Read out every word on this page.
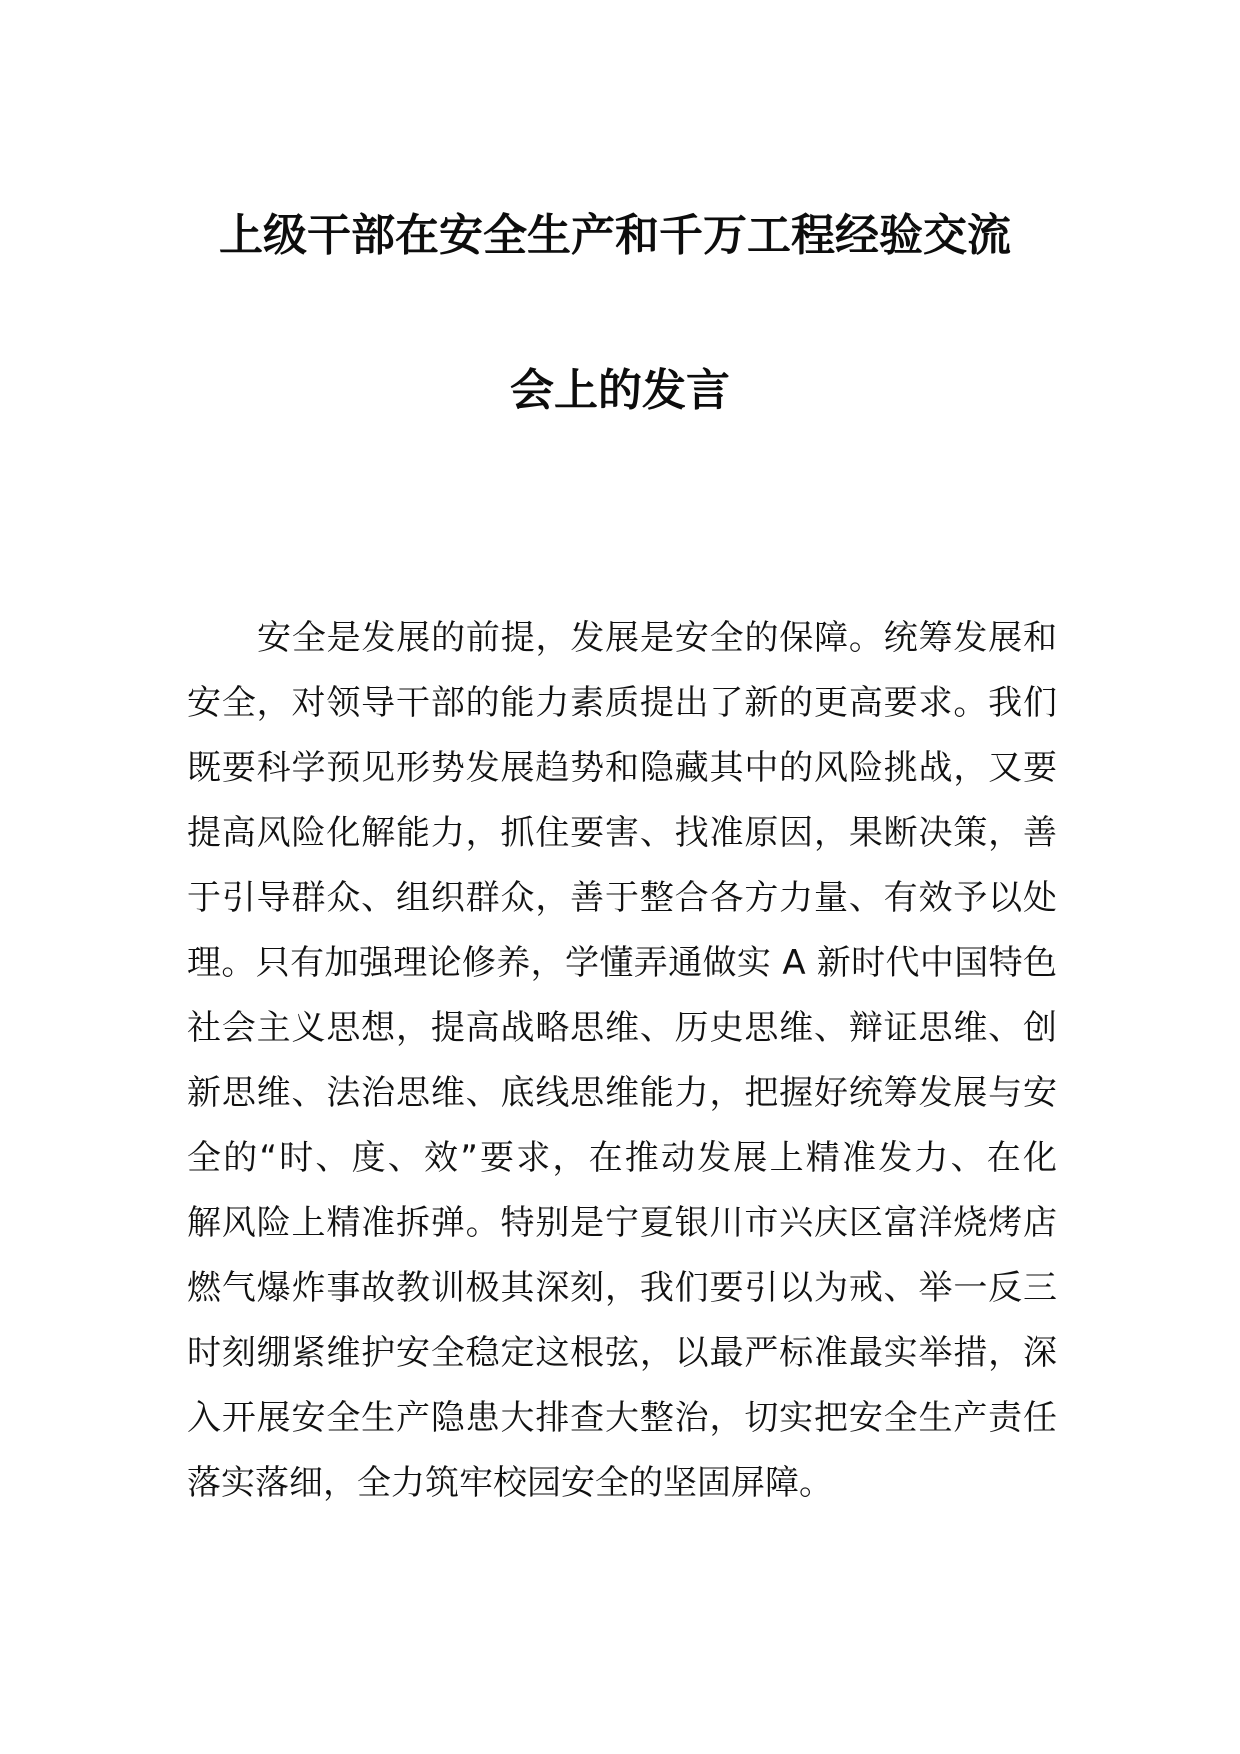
上级干部在安全生产和千万工程经验交流
会上的发言
安全是发展的前提，发展是安全的保障。统筹发展和
安全，对领导干部的能力素质提出了新的更高要求。我们
既要科学预见形势发展趋势和隐藏其中的风险挑战，又要
提高风险化解能力，抓住要害、找准原因，果断决策，善
于引导群众、组织群众，善于整合各方力量、有效予以处
理。只有加强理论修养，学懂弄通做实 A 新时代中国特色
社会主义思想，提高战略思维、历史思维、辩证思维、创
新思维、法治思维、底线思维能力，把握好统筹发展与安
全的“时、度、效”要求，在推动发展上精准发力、在化
解风险上精准拆弹。特别是宁夏银川市兴庆区富洋烧烤店
燃气爆炸事故教训极其深刻，我们要引以为戒、举一反三
时刻绷紧维护安全稳定这根弦，以最严标准最实举措，深
入开展安全生产隐患大排查大整治，切实把安全生产责任
落实落细，全力筑牢校园安全的坚固屏障。
